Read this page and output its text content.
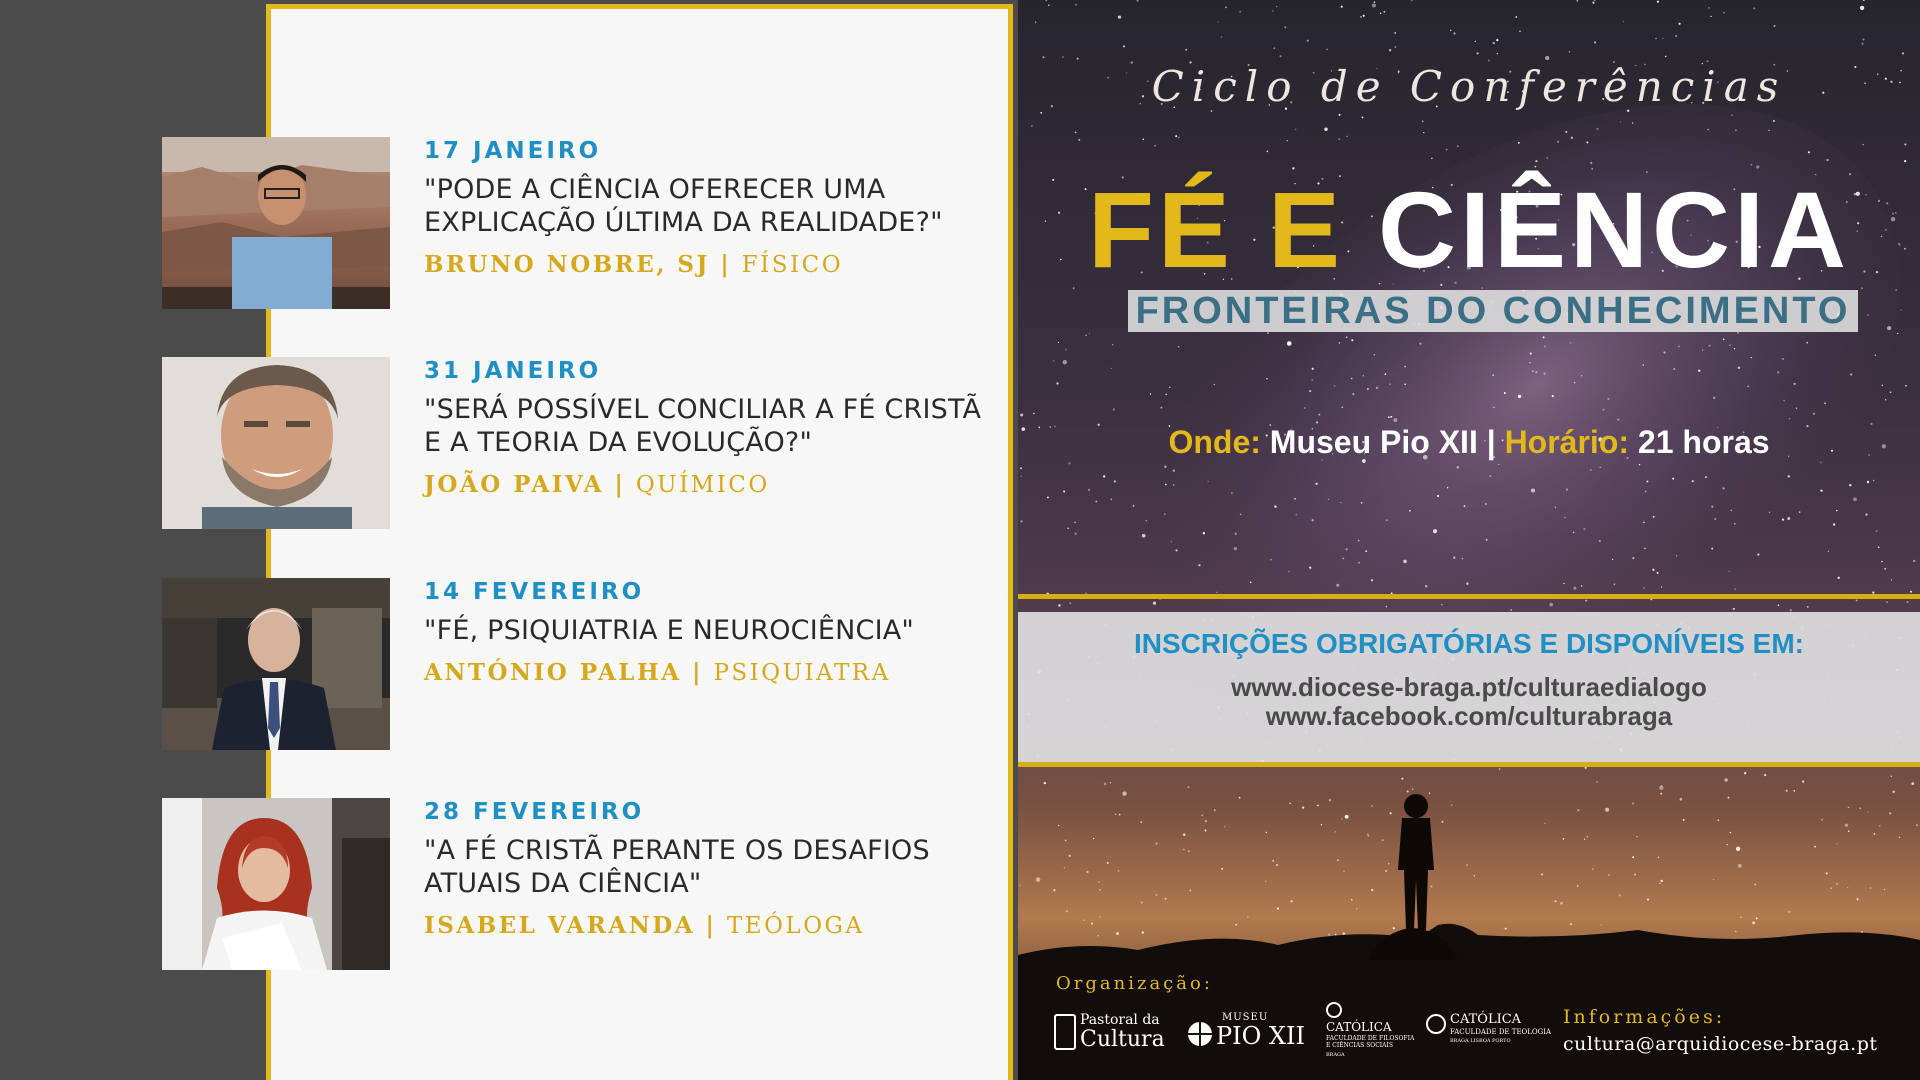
17 JANEIRO
"PODE A CIÊNCIA OFERECER UMA EXPLICAÇÃO ÚLTIMA DA REALIDADE?"
BRUNO NOBRE, SJ | FÍSICO
31 JANEIRO
"SERÁ POSSÍVEL CONCILIAR A FÉ CRISTÃ E A TEORIA DA EVOLUÇÃO?"
JOÃO PAIVA | QUÍMICO
14 FEVEREIRO
"FÉ, PSIQUIATRIA E NEUROCIÊNCIA"
ANTÓNIO PALHA | PSIQUIATRA
28 FEVEREIRO
"A FÉ CRISTÃ PERANTE OS DESAFIOS ATUAIS DA CIÊNCIA"
ISABEL VARANDA | TEÓLOGA
Ciclo de Conferências
FÉ E CIÊNCIA
FRONTEIRAS DO CONHECIMENTO
Onde: Museu Pio XII | Horário: 21 horas
INSCRIÇÕES OBRIGATÓRIAS E DISPONÍVEIS EM:
www.diocese-braga.pt/culturaedialogo
www.facebook.com/culturabraga
Organização:
Pastoral da
Cultura
MUSEU
PIO XII CATÓLICA
FACULDADE DE FILOSOFIA E CIÊNCIAS SOCIAIS
BRAGA
CATÓLICA
FACULDADE DE TEOLOGIA
BRAGA LISBOA PORTO
Informações:
cultura@arquidiocese-braga.pt
